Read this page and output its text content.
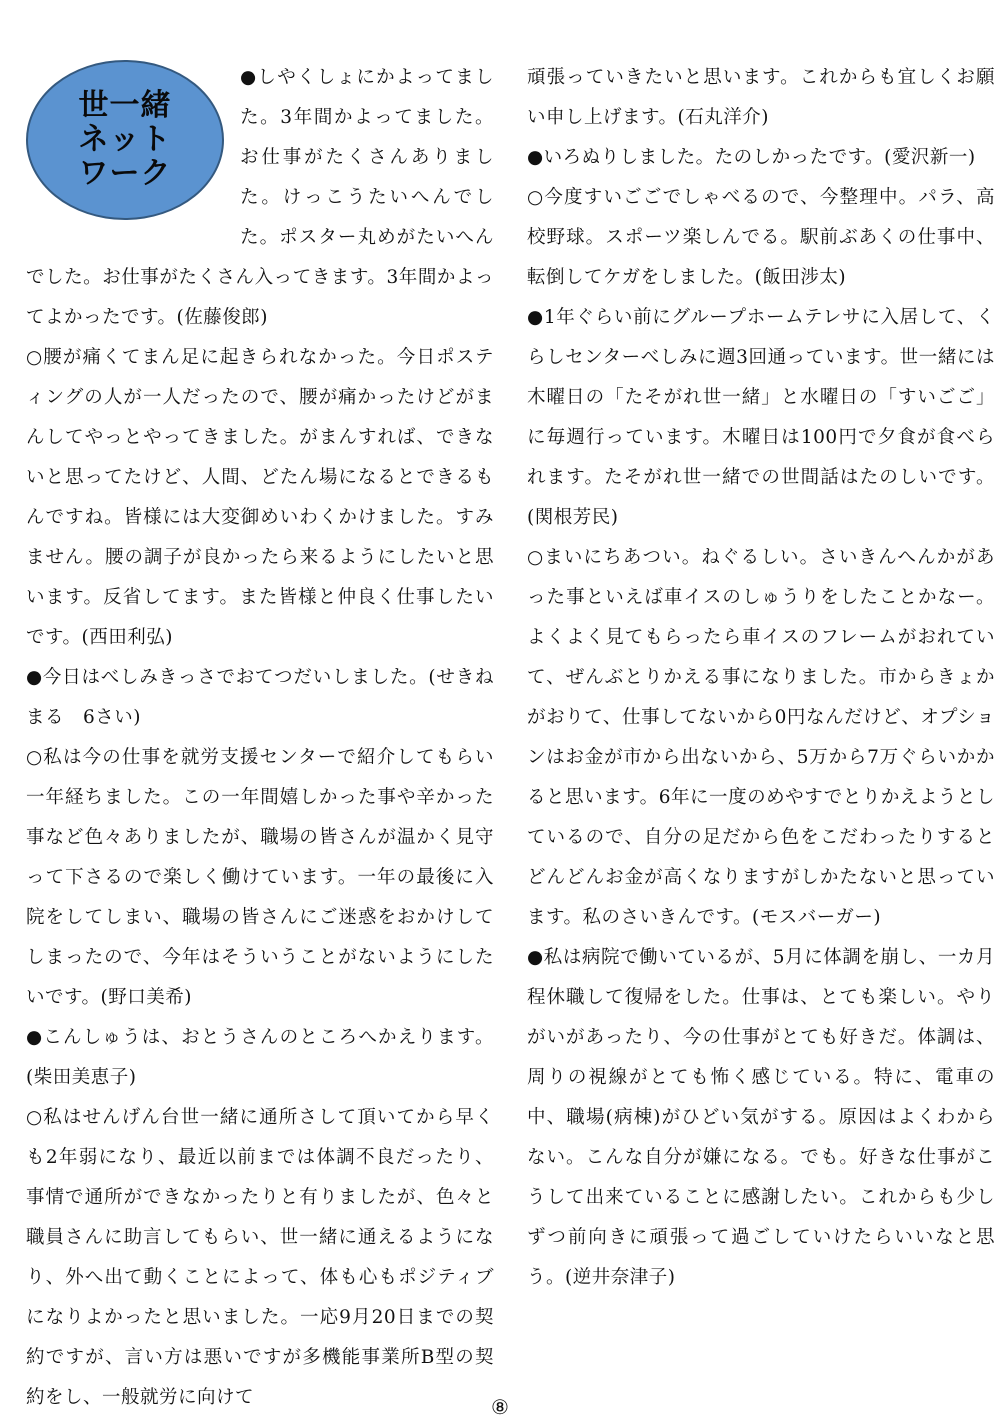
世一緒
ネット
ワーク

●しやくしょにかよってました。3年間かよってました。お仕事がたくさんありました。けっこうたいへんでした。ポスター丸めがたいへんでした。お仕事がたくさん入ってきます。3年間かよってよかったです。(佐藤俊郎)

○腰が痛くてまん足に起きられなかった。今日ポスティングの人が一人だったので、腰が痛かったけどがまんしてやっとやってきました。がまんすれば、できないと思ってたけど、人間、どたん場になるとできるもんですね。皆様には大変御めいわくかけました。すみません。腰の調子が良かったら来るようにしたいと思います。反省してます。また皆様と仲良く仕事したいです。(西田利弘)

●今日はべしみきっさでおてつだいしました。(せきねまる　6さい)

○私は今の仕事を就労支援センターで紹介してもらい一年経ちました。この一年間嬉しかった事や辛かった事など色々ありましたが、職場の皆さんが温かく見守って下さるので楽しく働けています。一年の最後に入院をしてしまい、職場の皆さんにご迷惑をおかけしてしまったので、今年はそういうことがないようにしたいです。(野口美希)

●こんしゅうは、おとうさんのところへかえります。(柴田美恵子)

○私はせんげん台世一緒に通所さして頂いてから早くも2年弱になり、最近以前までは体調不良だったり、事情で通所ができなかったりと有りましたが、色々と職員さんに助言してもらい、世一緒に通えるようになり、外へ出て動くことによって、体も心もポジティブになりよかったと思いました。一応9月20日までの契約ですが、言い方は悪いですが多機能事業所B型の契約をし、一般就労に向けて

頑張っていきたいと思います。これからも宜しくお願い申し上げます。(石丸洋介)

●いろぬりしました。たのしかったです。(愛沢新一)

○今度すいごごでしゃべるので、今整理中。パラ、高校野球。スポーツ楽しんでる。駅前ぶあくの仕事中、転倒してケガをしました。(飯田涉太)

●1年ぐらい前にグループホームテレサに入居して、くらしセンターべしみに週3回通っています。世一緒には木曜日の「たそがれ世一緒」と水曜日の「すいごご」に毎週行っています。木曜日は100円で夕食が食べられます。たそがれ世一緒での世間話はたのしいです。(関根芳民)

○まいにちあつい。ねぐるしい。さいきんへんかがあった事といえば車イスのしゅうりをしたことかなー。よくよく見てもらったら車イスのフレームがおれていて、ぜんぶとりかえる事になりました。市からきょかがおりて、仕事してないから0円なんだけど、オプションはお金が市から出ないから、5万から7万ぐらいかかると思います。6年に一度のめやすでとりかえようとしているので、自分の足だから色をこだわったりするとどんどんお金が高くなりますがしかたないと思っています。私のさいきんです。(モスバーガー)

●私は病院で働いているが、5月に体調を崩し、一カ月程休職して復帰をした。仕事は、とても楽しい。やりがいがあったり、今の仕事がとても好きだ。体調は、周りの視線がとても怖く感じている。特に、電車の中、職場(病棟)がひどい気がする。原因はよくわからない。こんな自分が嫌になる。でも。好きな仕事がこうして出来ていることに感謝したい。これからも少しずつ前向きに頑張って過ごしていけたらいいなと思う。(逆井奈津子)

⑧
